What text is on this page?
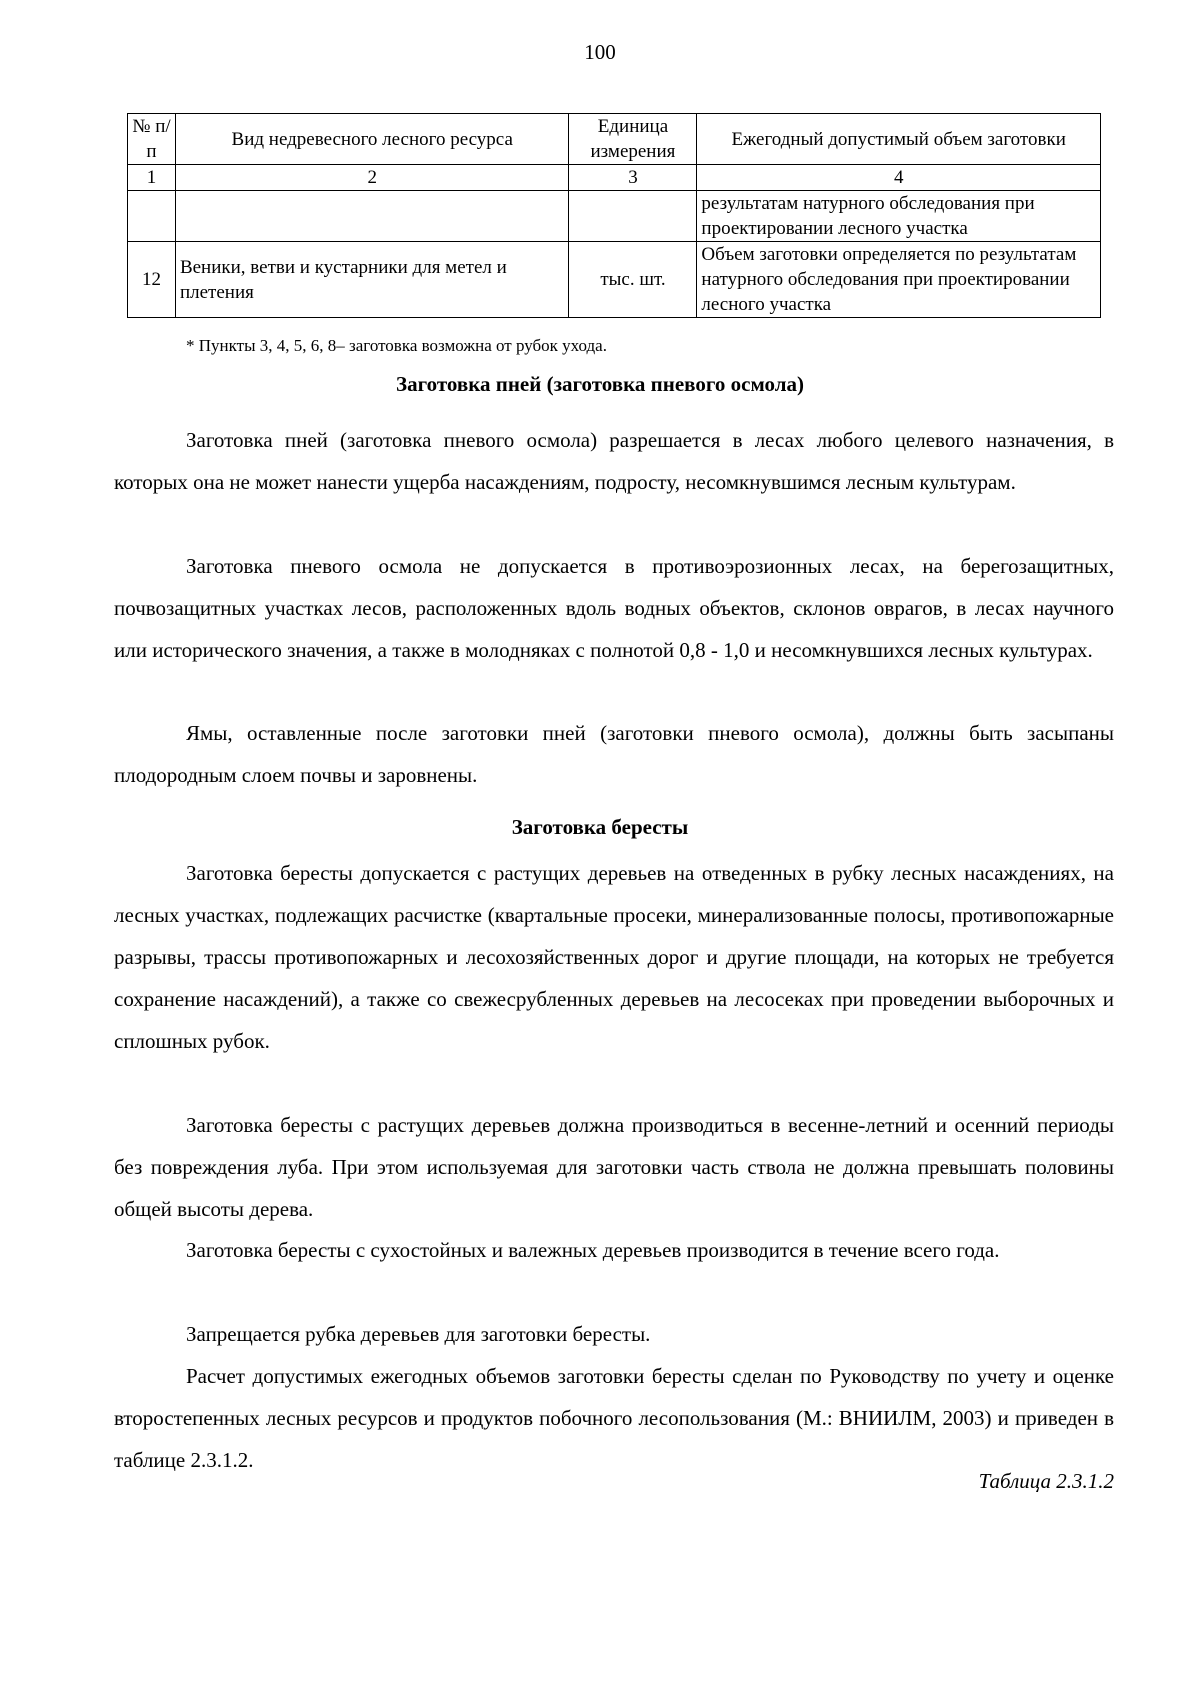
100
№ п/п	Вид недревесного лесного ресурса	Единица измерения	Ежегодный допустимый объем заготовки
1	2	3	4
			результатам натурного обследования при проектировании лесного участка
12	Веники, ветви и кустарники для метел и плетения	тыс. шт.	Объем заготовки определяется по результатам натурного обследования при проектировании лесного участка
* Пункты 3, 4, 5, 6, 8– заготовка возможна от рубок ухода.
Заготовка пней (заготовка пневого осмола)

Заготовка пней (заготовка пневого осмола) разрешается в лесах любого целевого назначения, в которых она не может нанести ущерба насаждениям, подросту, несомкнувшимся лесным культурам.

Заготовка пневого осмола не допускается в противоэрозионных лесах, на берегозащитных, почвозащитных участках лесов, расположенных вдоль водных объектов, склонов оврагов, в лесах научного или исторического значения, а также в молодняках с полнотой 0,8 - 1,0 и несомкнувшихся лесных культурах.

Ямы, оставленные после заготовки пней (заготовки пневого осмола), должны быть засыпаны плодородным слоем почвы и заровнены.

Заготовка бересты

Заготовка бересты допускается с растущих деревьев на отведенных в рубку лесных насаждениях, на лесных участках, подлежащих расчистке (квартальные просеки, минерализованные полосы, противопожарные разрывы, трассы противопожарных и лесохозяйственных дорог и другие площади, на которых не требуется сохранение насаждений), а также со свежесрубленных деревьев на лесосеках при проведении выборочных и сплошных рубок.

Заготовка бересты с растущих деревьев должна производиться в весенне-летний и осенний периоды без повреждения луба. При этом используемая для заготовки часть ствола не должна превышать половины общей высоты дерева.

Заготовка бересты с сухостойных и валежных деревьев производится в течение всего года.

Запрещается рубка деревьев для заготовки бересты.

Расчет допустимых ежегодных объемов заготовки бересты сделан по Руководству по учету и оценке второстепенных лесных ресурсов и продуктов побочного лесопользования (М.: ВНИИЛМ, 2003) и приведен в таблице 2.3.1.2.

Таблица 2.3.1.2
